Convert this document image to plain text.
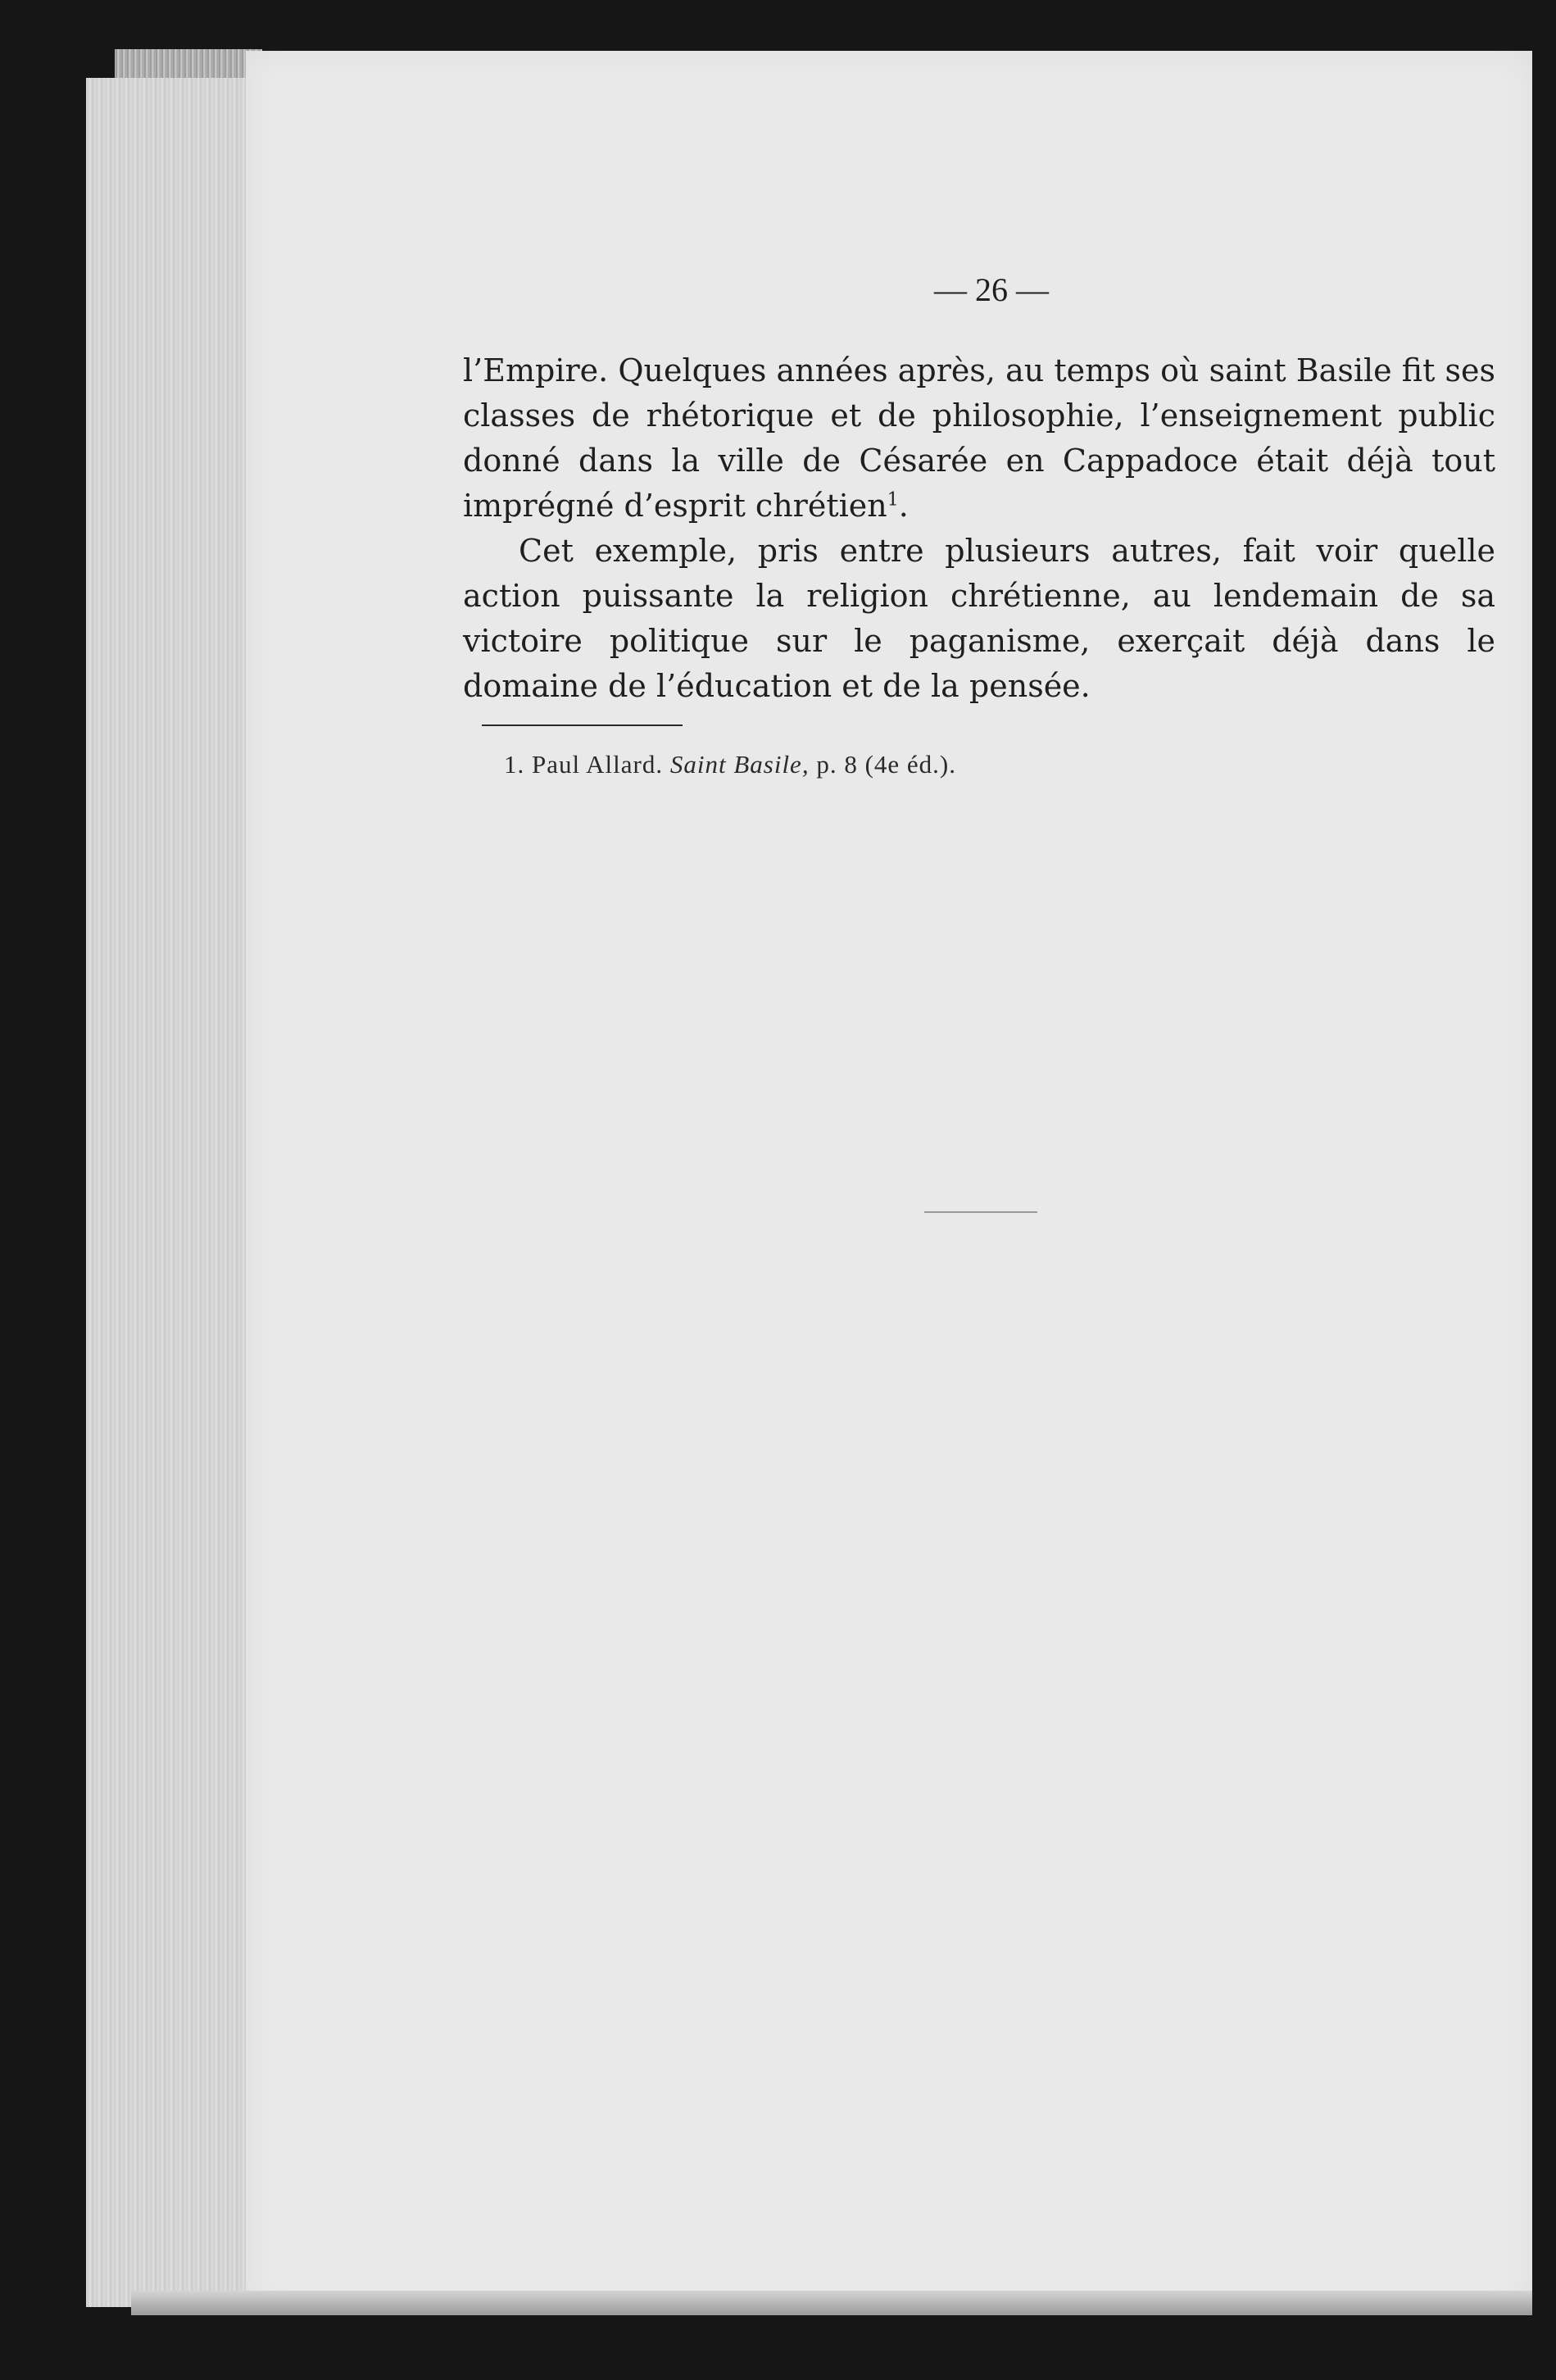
— 26 —

l’Empire. Quelques années après, au temps où saint Basile fit ses classes de rhétorique et de philosophie, l’enseignement public donné dans la ville de Césarée en Cappadoce était déjà tout imprégné d’esprit chrétien$^1$.

Cet exemple, pris entre plusieurs autres, fait voir quelle action puissante la religion chrétienne, au lendemain de sa victoire politique sur le paganisme, exerçait déjà dans le domaine de l’éducation et de la pensée.

1. Paul Allard. Saint Basile, p. 8 (4e éd.).
